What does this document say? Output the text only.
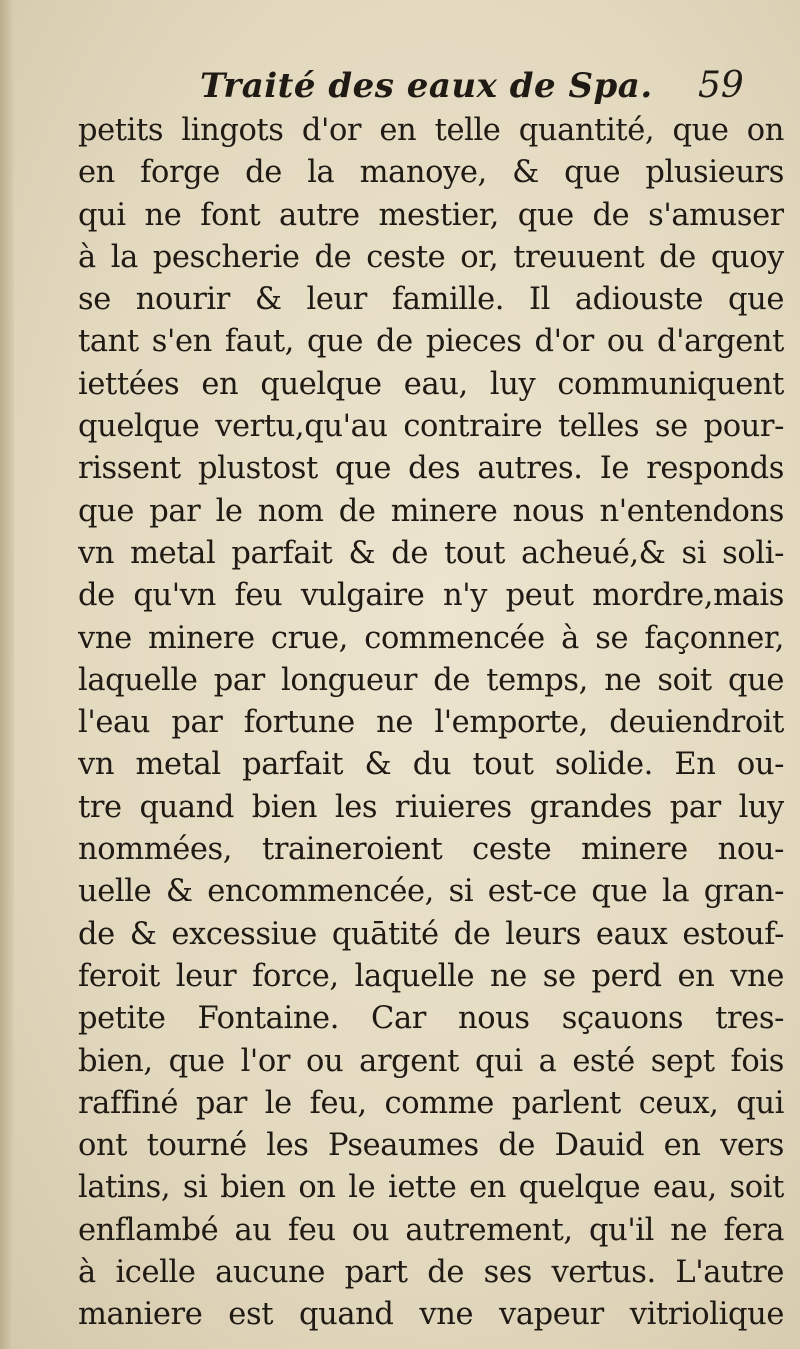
Traité des eaux de Spa. 59
petits lingots d'or en telle quantité, que on
en forge de la manoye, & que plusieurs
qui ne font autre mestier, que de s'amuser
à la pescherie de ceste or, treuuent de quoy
se nourir & leur famille. Il adiouste que
tant s'en faut, que de pieces d'or ou d'argent
iettées en quelque eau, luy communiquent
quelque vertu,qu'au contraire telles se pour-
rissent plustost que des autres. Ie responds
que par le nom de minere nous n'entendons
vn metal parfait & de tout acheué,& si soli-
de qu'vn feu vulgaire n'y peut mordre,mais
vne minere crue, commencée à se façonner,
laquelle par longueur de temps, ne soit que
l'eau par fortune ne l'emporte, deuiendroit
vn metal parfait & du tout solide. En ou-
tre quand bien les riuieres grandes par luy
nommées, traineroient ceste minere nou-
uelle & encommencée, si est-ce que la gran-
de & excessiue quātité de leurs eaux estouf-
feroit leur force, laquelle ne se perd en vne
petite Fontaine. Car nous sçauons tres-
bien, que l'or ou argent qui a esté sept fois
raffiné par le feu, comme parlent ceux, qui
ont tourné les Pseaumes de Dauid en vers
latins, si bien on le iette en quelque eau, soit
enflambé au feu ou autrement, qu'il ne fera
à icelle aucune part de ses vertus. L'autre
maniere est quand vne vapeur vitriolique
